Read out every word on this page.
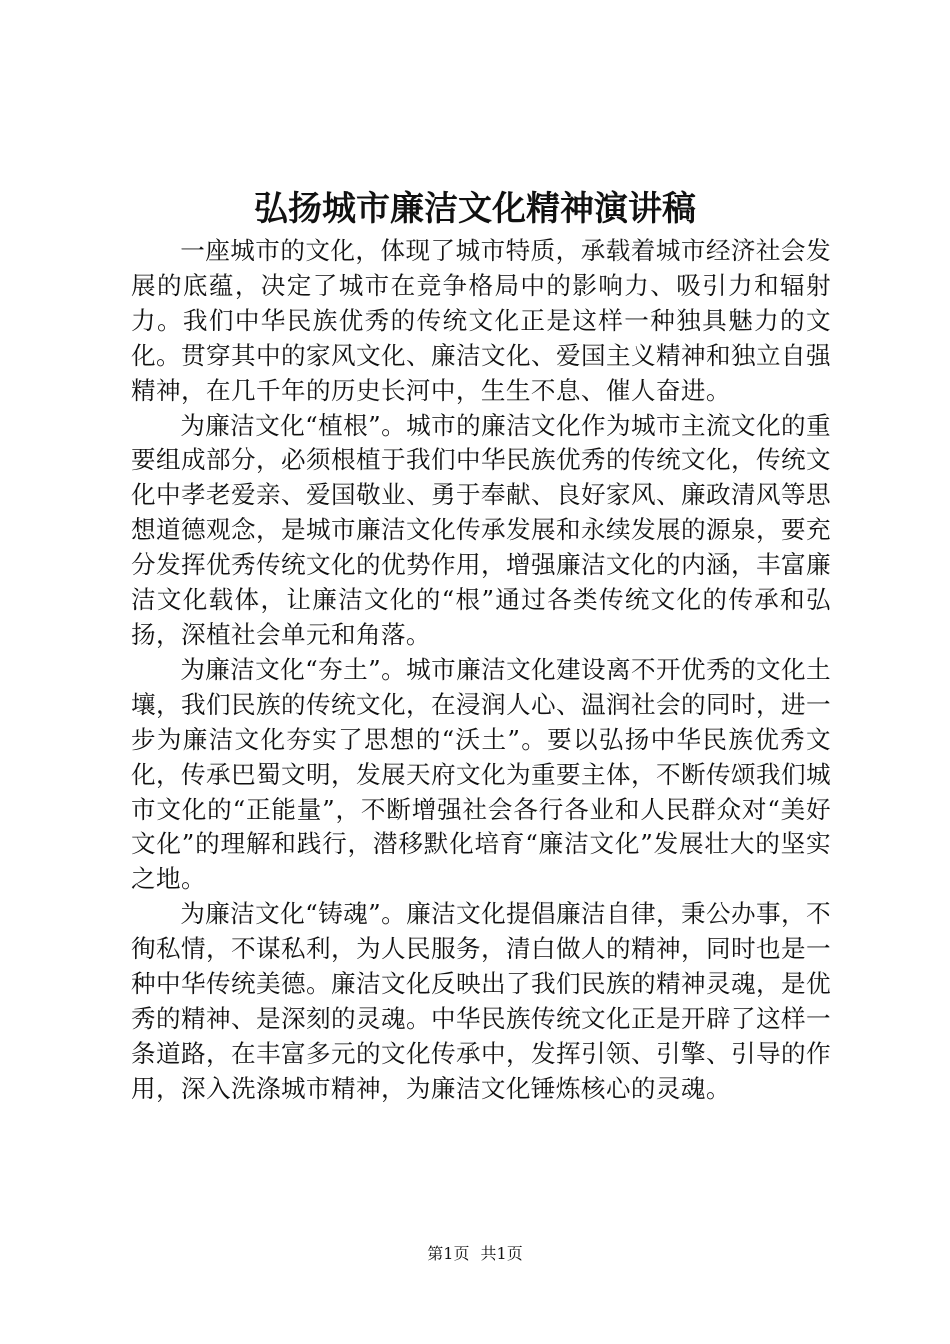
弘扬城市廉洁文化精神演讲稿

一座城市的文化，体现了城市特质，承载着城市经济社会发展的底蕴，决定了城市在竞争格局中的影响力、吸引力和辐射力。我们中华民族优秀的传统文化正是这样一种独具魅力的文化。贯穿其中的家风文化、廉洁文化、爱国主义精神和独立自强精神，在几千年的历史长河中，生生不息、催人奋进。

为廉洁文化“植根”。城市的廉洁文化作为城市主流文化的重要组成部分，必须根植于我们中华民族优秀的传统文化，传统文化中孝老爱亲、爱国敬业、勇于奉献、良好家风、廉政清风等思想道德观念，是城市廉洁文化传承发展和永续发展的源泉，要充分发挥优秀传统文化的优势作用，增强廉洁文化的内涵，丰富廉洁文化载体，让廉洁文化的“根”通过各类传统文化的传承和弘扬，深植社会单元和角落。

为廉洁文化“夯土”。城市廉洁文化建设离不开优秀的文化土壤，我们民族的传统文化，在浸润人心、温润社会的同时，进一步为廉洁文化夯实了思想的“沃土”。要以弘扬中华民族优秀文化，传承巴蜀文明，发展天府文化为重要主体，不断传颂我们城市文化的“正能量”，不断增强社会各行各业和人民群众对“美好文化”的理解和践行，潜移默化培育“廉洁文化”发展壮大的坚实之地。

为廉洁文化“铸魂”。廉洁文化提倡廉洁自律，秉公办事，不徇私情，不谋私利，为人民服务，清白做人的精神，同时也是一种中华传统美德。廉洁文化反映出了我们民族的精神灵魂，是优秀的精神、是深刻的灵魂。中华民族传统文化正是开辟了这样一条道路，在丰富多元的文化传承中，发挥引领、引擎、引导的作用，深入洗涤城市精神，为廉洁文化锤炼核心的灵魂。

第1页 共1页
